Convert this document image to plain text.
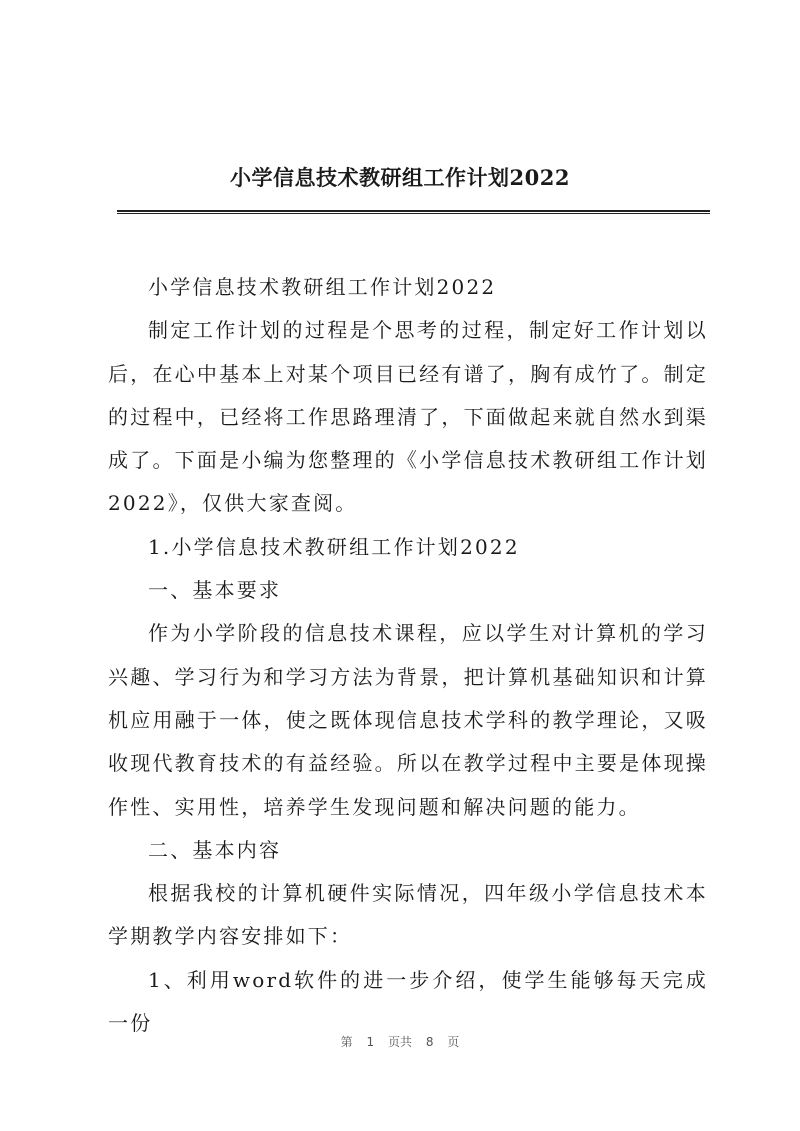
小学信息技术教研组工作计划2022

小学信息技术教研组工作计划2022

制定工作计划的过程是个思考的过程，制定好工作计划以后，在心中基本上对某个项目已经有谱了，胸有成竹了。制定的过程中，已经将工作思路理清了，下面做起来就自然水到渠成了。下面是小编为您整理的《小学信息技术教研组工作计划2022》，仅供大家查阅。

1.小学信息技术教研组工作计划2022

一、基本要求

作为小学阶段的信息技术课程，应以学生对计算机的学习兴趣、学习行为和学习方法为背景，把计算机基础知识和计算机应用融于一体，使之既体现信息技术学科的教学理论，又吸收现代教育技术的有益经验。所以在教学过程中主要是体现操作性、实用性，培养学生发现问题和解决问题的能力。

二、基本内容

根据我校的计算机硬件实际情况，四年级小学信息技术本学期教学内容安排如下：

1、利用word软件的进一步介绍，使学生能够每天完成一份

第 1 页共 8 页
